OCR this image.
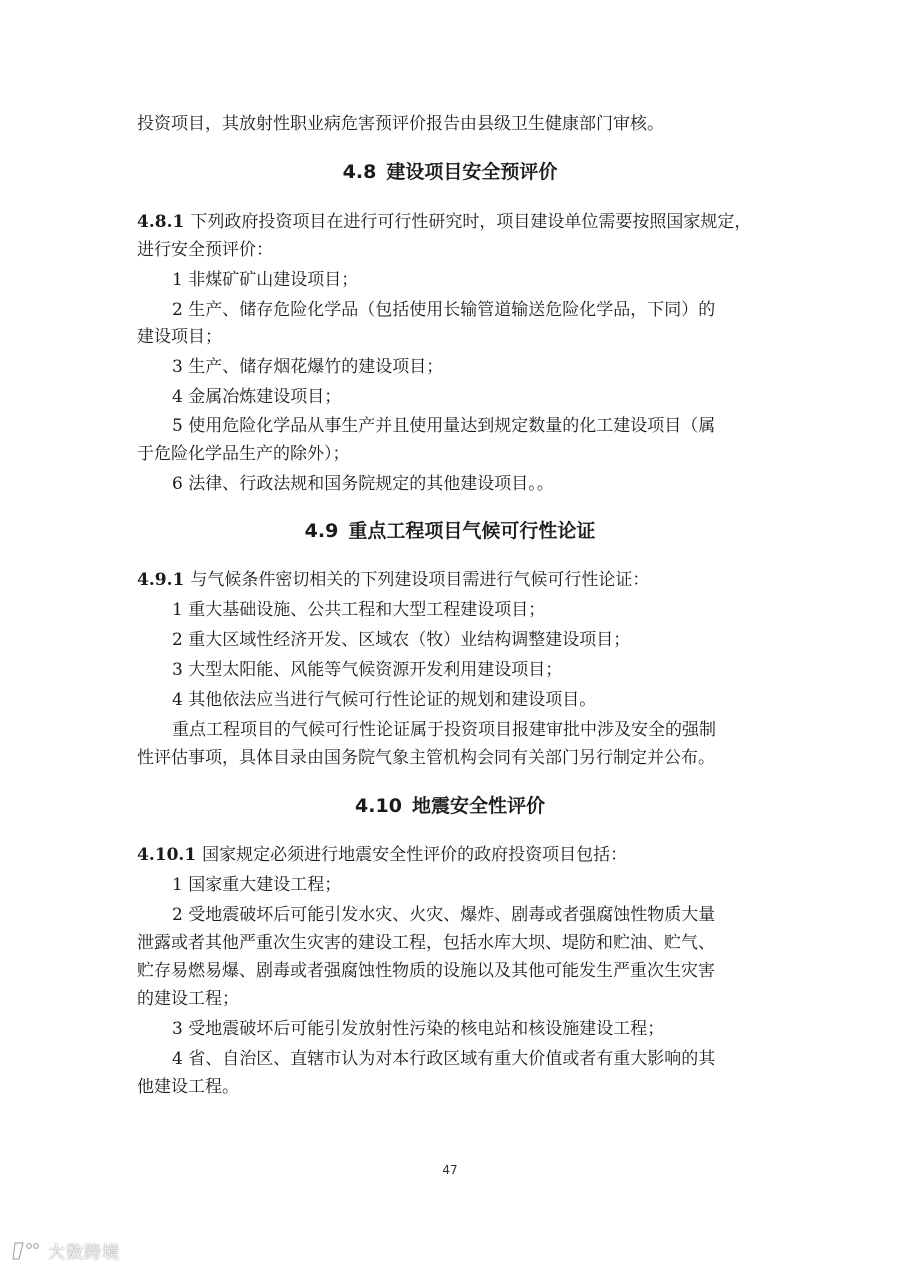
投资项目，其放射性职业病危害预评价报告由县级卫生健康部门审核。
4.8 建设项目安全预评价
4.8.1 下列政府投资项目在进行可行性研究时，项目建设单位需要按照国家规定，
进行安全预评价：
1 非煤矿矿山建设项目；
2 生产、储存危险化学品（包括使用长输管道输送危险化学品，下同）的
建设项目；
3 生产、储存烟花爆竹的建设项目；
4 金属冶炼建设项目；
5 使用危险化学品从事生产并且使用量达到规定数量的化工建设项目（属
于危险化学品生产的除外）；
6 法律、行政法规和国务院规定的其他建设项目。。
4.9 重点工程项目气候可行性论证
4.9.1 与气候条件密切相关的下列建设项目需进行气候可行性论证：
1 重大基础设施、公共工程和大型工程建设项目；
2 重大区域性经济开发、区域农（牧）业结构调整建设项目；
3 大型太阳能、风能等气候资源开发利用建设项目；
4 其他依法应当进行气候可行性论证的规划和建设项目。
重点工程项目的气候可行性论证属于投资项目报建审批中涉及安全的强制
性评估事项，具体目录由国务院气象主管机构会同有关部门另行制定并公布。
4.10 地震安全性评价
4.10.1 国家规定必须进行地震安全性评价的政府投资项目包括：
1 国家重大建设工程；
2 受地震破坏后可能引发水灾、火灾、爆炸、剧毒或者强腐蚀性物质大量
泄露或者其他严重次生灾害的建设工程，包括水库大坝、堤防和贮油、贮气、
贮存易燃易爆、剧毒或者强腐蚀性物质的设施以及其他可能发生严重次生灾害
的建设工程；
3 受地震破坏后可能引发放射性污染的核电站和核设施建设工程；
4 省、自治区、直辖市认为对本行政区域有重大价值或者有重大影响的其
他建设工程。
47
大数跨境
